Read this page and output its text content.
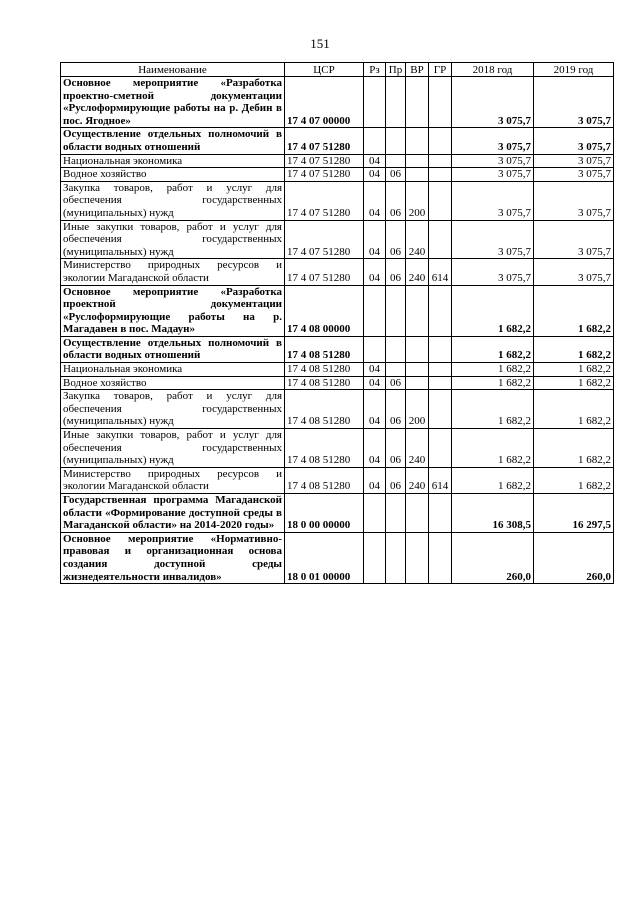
151
Наименование	ЦСР	Рз	Пр	ВР	ГР	2018 год	2019 год
Основное мероприятие «Разработка проектно-сметной документации «Руслоформирующие работы на р. Дебин в пос. Ягодное»	17 4 07 00000					3 075,7	3 075,7
Осуществление отдельных полномочий в области водных отношений	17 4 07 51280					3 075,7	3 075,7
Национальная экономика	17 4 07 51280	04				3 075,7	3 075,7
Водное хозяйство	17 4 07 51280	04	06			3 075,7	3 075,7
Закупка товаров, работ и услуг для обеспечения государственных (муниципальных) нужд	17 4 07 51280	04	06	200		3 075,7	3 075,7
Иные закупки товаров, работ и услуг для обеспечения государственных (муниципальных) нужд	17 4 07 51280	04	06	240		3 075,7	3 075,7
Министерство природных ресурсов и экологии Магаданской области	17 4 07 51280	04	06	240	614	3 075,7	3 075,7
Основное мероприятие «Разработка проектной документации «Руслоформирующие работы на р. Магадавен в пос. Мадаун»	17 4 08 00000					1 682,2	1 682,2
Осуществление отдельных полномочий в области водных отношений	17 4 08 51280					1 682,2	1 682,2
Национальная экономика	17 4 08 51280	04				1 682,2	1 682,2
Водное хозяйство	17 4 08 51280	04	06			1 682,2	1 682,2
Закупка товаров, работ и услуг для обеспечения государственных (муниципальных) нужд	17 4 08 51280	04	06	200		1 682,2	1 682,2
Иные закупки товаров, работ и услуг для обеспечения государственных (муниципальных) нужд	17 4 08 51280	04	06	240		1 682,2	1 682,2
Министерство природных ресурсов и экологии Магаданской области	17 4 08 51280	04	06	240	614	1 682,2	1 682,2
Государственная программа Магаданской области «Формирование доступной среды в Магаданской области» на 2014-2020 годы»	18 0 00 00000					16 308,5	16 297,5
Основное мероприятие «Нормативно-правовая и организационная основа создания доступной среды жизнедеятельности инвалидов»	18 0 01 00000					260,0	260,0
